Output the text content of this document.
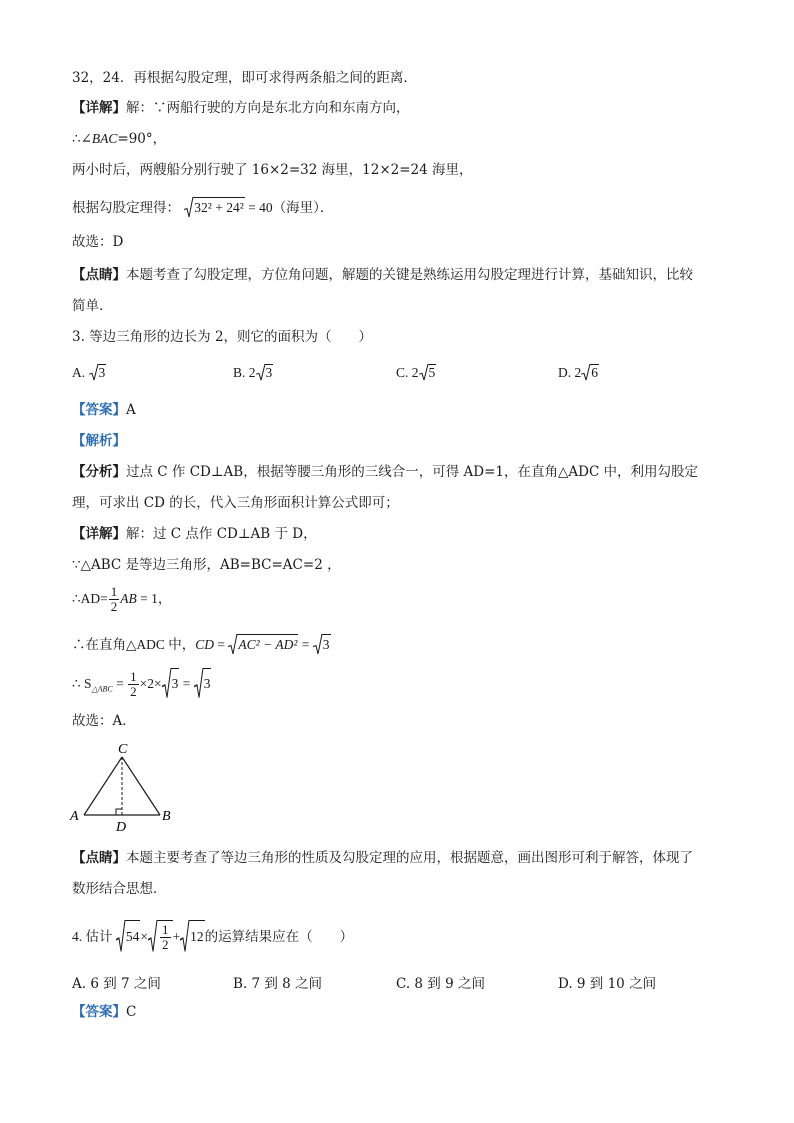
32，24．再根据勾股定理，即可求得两条船之间的距离．
【详解】解：∵两船行驶的方向是东北方向和东南方向，
∴∠BAC=90°，
两小时后，两艘船分别行驶了 16×2=32 海里，12×2=24 海里，
根据勾股定理得： 32² + 24² = 40（海里）．
故选：D
【点睛】本题考查了勾股定理，方位角问题，解题的关键是熟练运用勾股定理进行计算，基础知识，比较
简单．
3. 等边三角形的边长为 2，则它的面积为（　　）
A. 3	B. 2 3	C. 2 5	D. 2 6
【答案】A
【解析】
【分析】过点 C 作 CD⊥AB，根据等腰三角形的三线合一，可得 AD=1，在直角△ADC 中，利用勾股定
理，可求出 CD 的长，代入三角形面积计算公式即可；
【详解】解：过 C 点作 CD⊥AB 于 D，
∵△ABC 是等边三角形，AB=BC=AC=2 ，
∴AD= $\frac{1}{2}$ AB = 1，
∴在直角△ADC 中，CD =
AC² − AD² =
3
∴ $S_{\triangle ABC} = \frac{1}{2} \times 2\times 3$ =
3
故选：A．
C
A	B
D
【点睛】本题主要考查了等边三角形的性质及勾股定理的应用，根据题意，画出图形可利于解答，体现了
数形结合思想．
4. 估计 $54\times \frac{1}{2} + 12$的运算结果应在（　　）
A. 6 到 7 之间	B. 7 到 8 之间	C. 8 到 9 之间	D. 9 到 10 之间
【答案】C
